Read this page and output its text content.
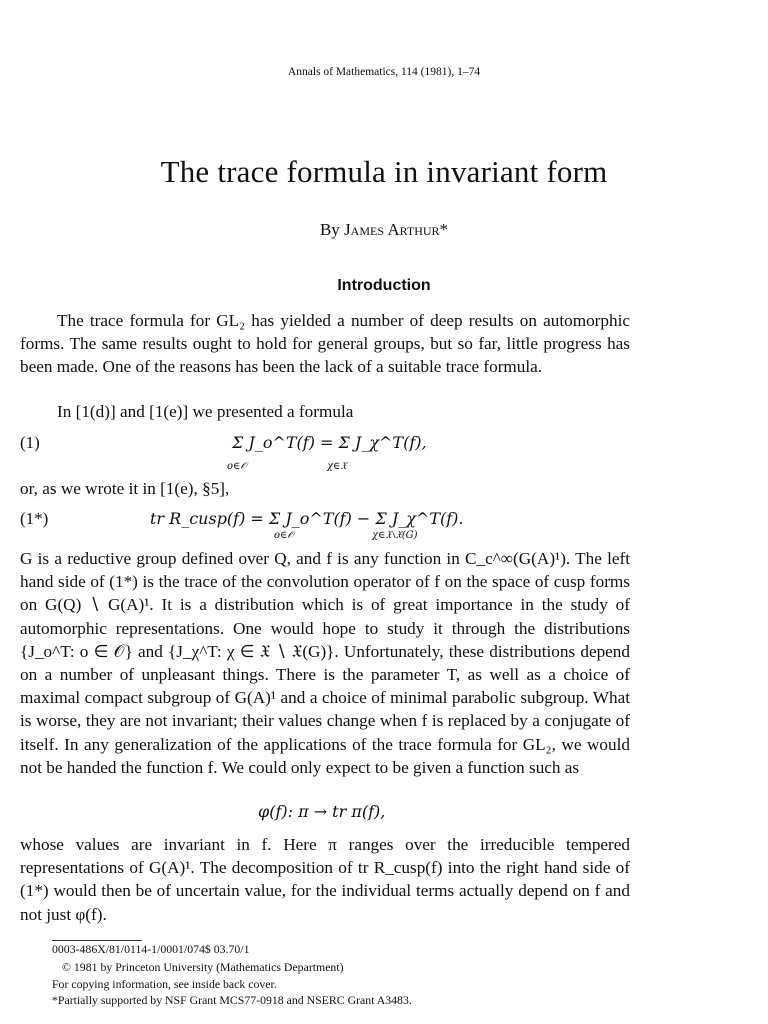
Annals of Mathematics, 114 (1981), 1–74
The trace formula in invariant form
By James Arthur*
Introduction
The trace formula for GL₂ has yielded a number of deep results on automorphic forms. The same results ought to hold for general groups, but so far, little progress has been made. One of the reasons has been the lack of a suitable trace formula.
In [1(d)] and [1(e)] we presented a formula
(1)	Σ J_o^T(f) = Σ J_χ^T(f),
o∈𝒪	χ∈𝔛
or, as we wrote it in [1(e), §5],
(1*)	tr R_cusp(f) = Σ J_o^T(f) − Σ J_χ^T(f).
o∈𝒪	χ∈𝔛∖𝔛(G)
G is a reductive group defined over Q, and f is any function in C_c^∞(G(A)¹). The left hand side of (1*) is the trace of the convolution operator of f on the space of cusp forms on G(Q) ∖ G(A)¹. It is a distribution which is of great importance in the study of automorphic representations. One would hope to study it through the distributions {J_o^T: o ∈ 𝒪} and {J_χ^T: χ ∈ 𝔛 ∖ 𝔛(G)}. Unfortunately, these distributions depend on a number of unpleasant things. There is the parameter T, as well as a choice of maximal compact subgroup of G(A)¹ and a choice of minimal parabolic subgroup. What is worse, they are not invariant; their values change when f is replaced by a conjugate of itself. In any generalization of the applications of the trace formula for GL₂, we would not be handed the function f. We could only expect to be given a function such as
φ(f): π → tr π(f),
whose values are invariant in f. Here π ranges over the irreducible tempered representations of G(A)¹. The decomposition of tr R_cusp(f) into the right hand side of (1*) would then be of uncertain value, for the individual terms actually depend on f and not just φ(f).
0003-486X/81/0114-1/0001/074$ 03.70/1
© 1981 by Princeton University (Mathematics Department)
For copying information, see inside back cover.
*Partially supported by NSF Grant MCS77-0918 and NSERC Grant A3483.
